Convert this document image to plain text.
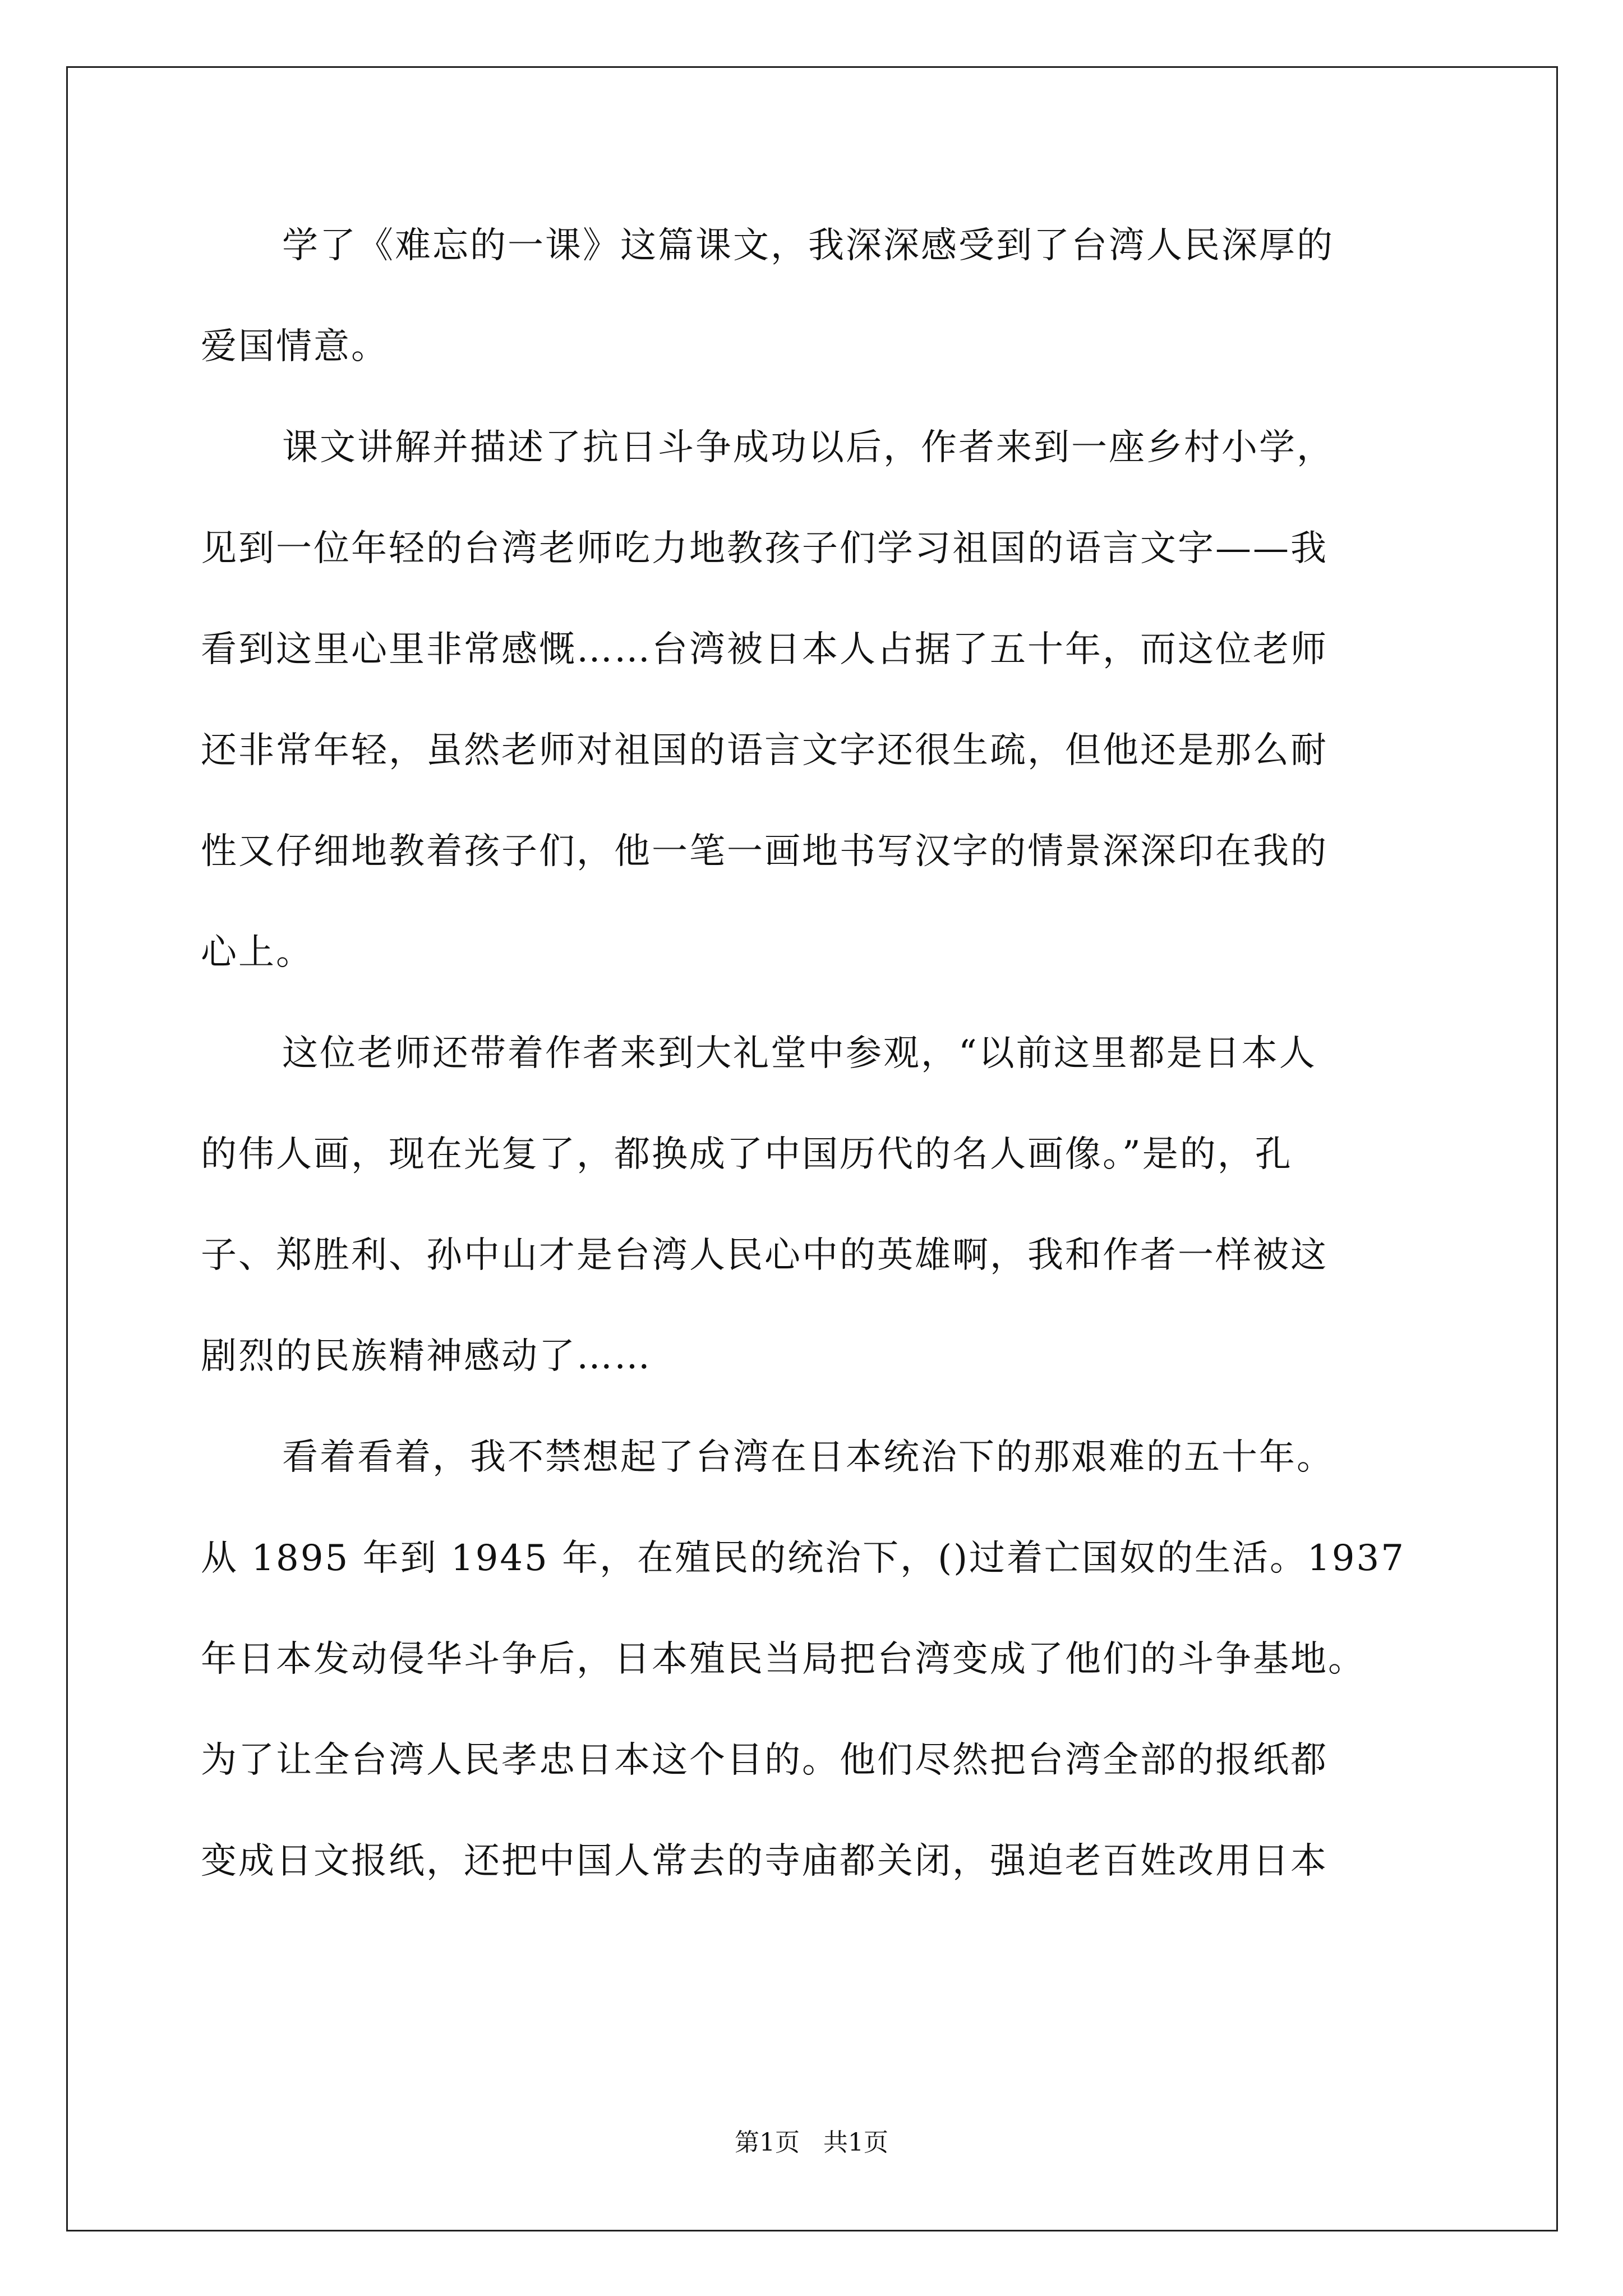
学了《难忘的一课》这篇课文，我深深感受到了台湾人民深厚的
爱国情意。
课文讲解并描述了抗日斗争成功以后，作者来到一座乡村小学，
见到一位年轻的台湾老师吃力地教孩子们学习祖国的语言文字——我
看到这里心里非常感慨……台湾被日本人占据了五十年，而这位老师
还非常年轻，虽然老师对祖国的语言文字还很生疏，但他还是那么耐
性又仔细地教着孩子们，他一笔一画地书写汉字的情景深深印在我的
心上。
这位老师还带着作者来到大礼堂中参观，“以前这里都是日本人
的伟人画，现在光复了，都换成了中国历代的名人画像。”是的，孔
子、郑胜利、孙中山才是台湾人民心中的英雄啊，我和作者一样被这
剧烈的民族精神感动了……
看着看着，我不禁想起了台湾在日本统治下的那艰难的五十年。
从 1895 年到 1945 年，在殖民的统治下，()过着亡国奴的生活。1937
年日本发动侵华斗争后，日本殖民当局把台湾变成了他们的斗争基地。
为了让全台湾人民孝忠日本这个目的。他们尽然把台湾全部的报纸都
变成日文报纸，还把中国人常去的寺庙都关闭，强迫老百姓改用日本
第1页 共1页
